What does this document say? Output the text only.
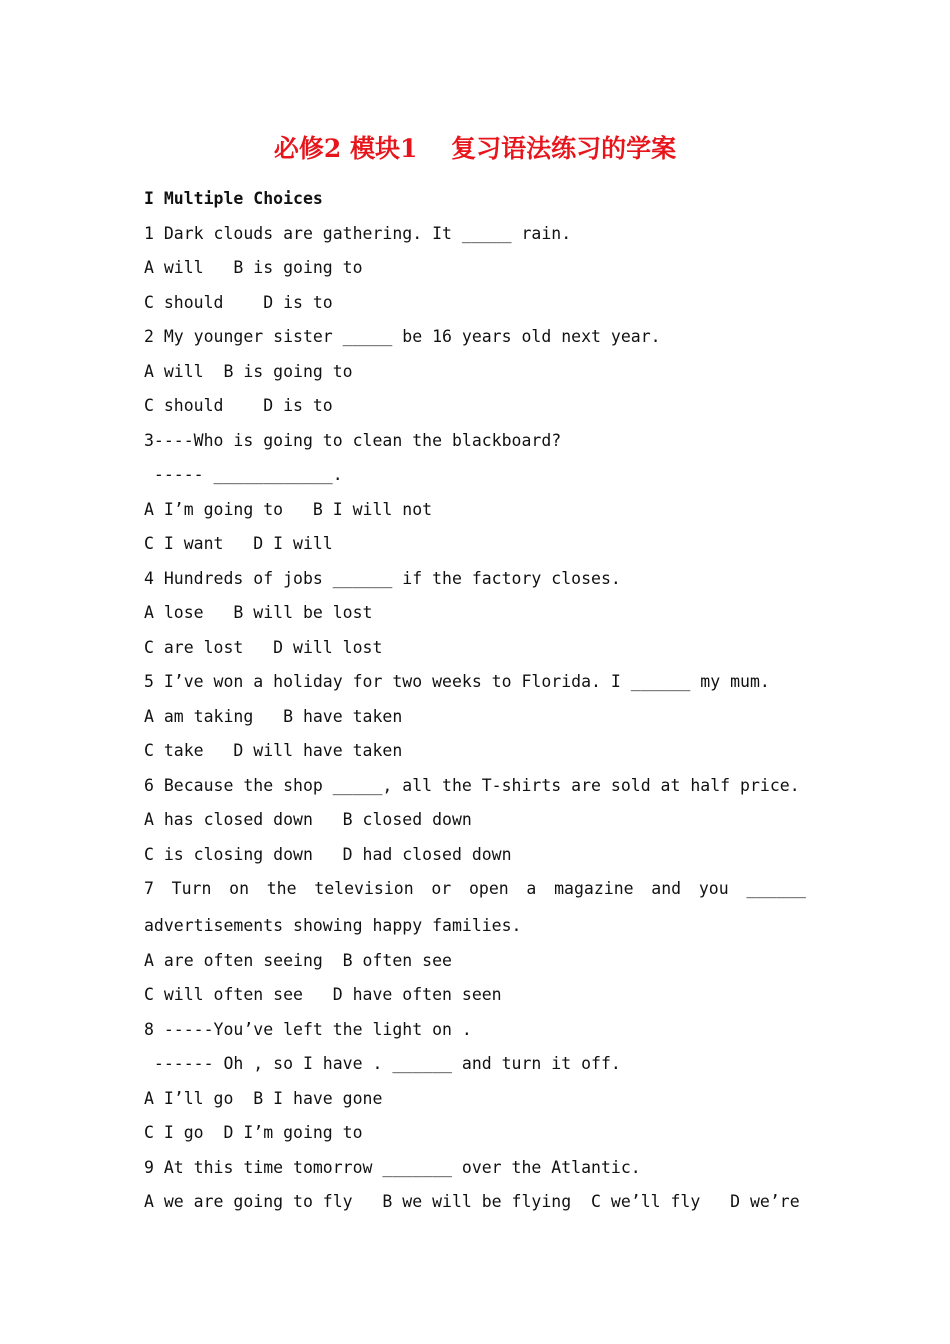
必修2 模块1　 复习语法练习的学案
I Multiple Choices
1 Dark clouds are gathering. It _____ rain.
A will   B is going to
C should    D is to
2 My younger sister _____ be 16 years old next year.
A will  B is going to
C should    D is to
3----Who is going to clean the blackboard?
----- ____________.
A I’m going to   B I will not
C I want   D I will
4 Hundreds of jobs ______ if the factory closes.
A lose   B will be lost
C are lost   D will lost
5 I’ve won a holiday for two weeks to Florida. I ______ my mum.
A am taking   B have taken
C take   D will have taken
6 Because the shop _____, all the T-shirts are sold at half price.
A has closed down   B closed down
C is closing down   D had closed down
7 Turn on the television or open a magazine and you ______
advertisements showing happy families.
A are often seeing  B often see
C will often see   D have often seen
8 -----You’ve left the light on .
------ Oh , so I have . ______ and turn it off.
A I’ll go  B I have gone
C I go  D I’m going to
9 At this time tomorrow _______ over the Atlantic.
A we are going to fly   B we will be flying  C we’ll fly   D we’re
